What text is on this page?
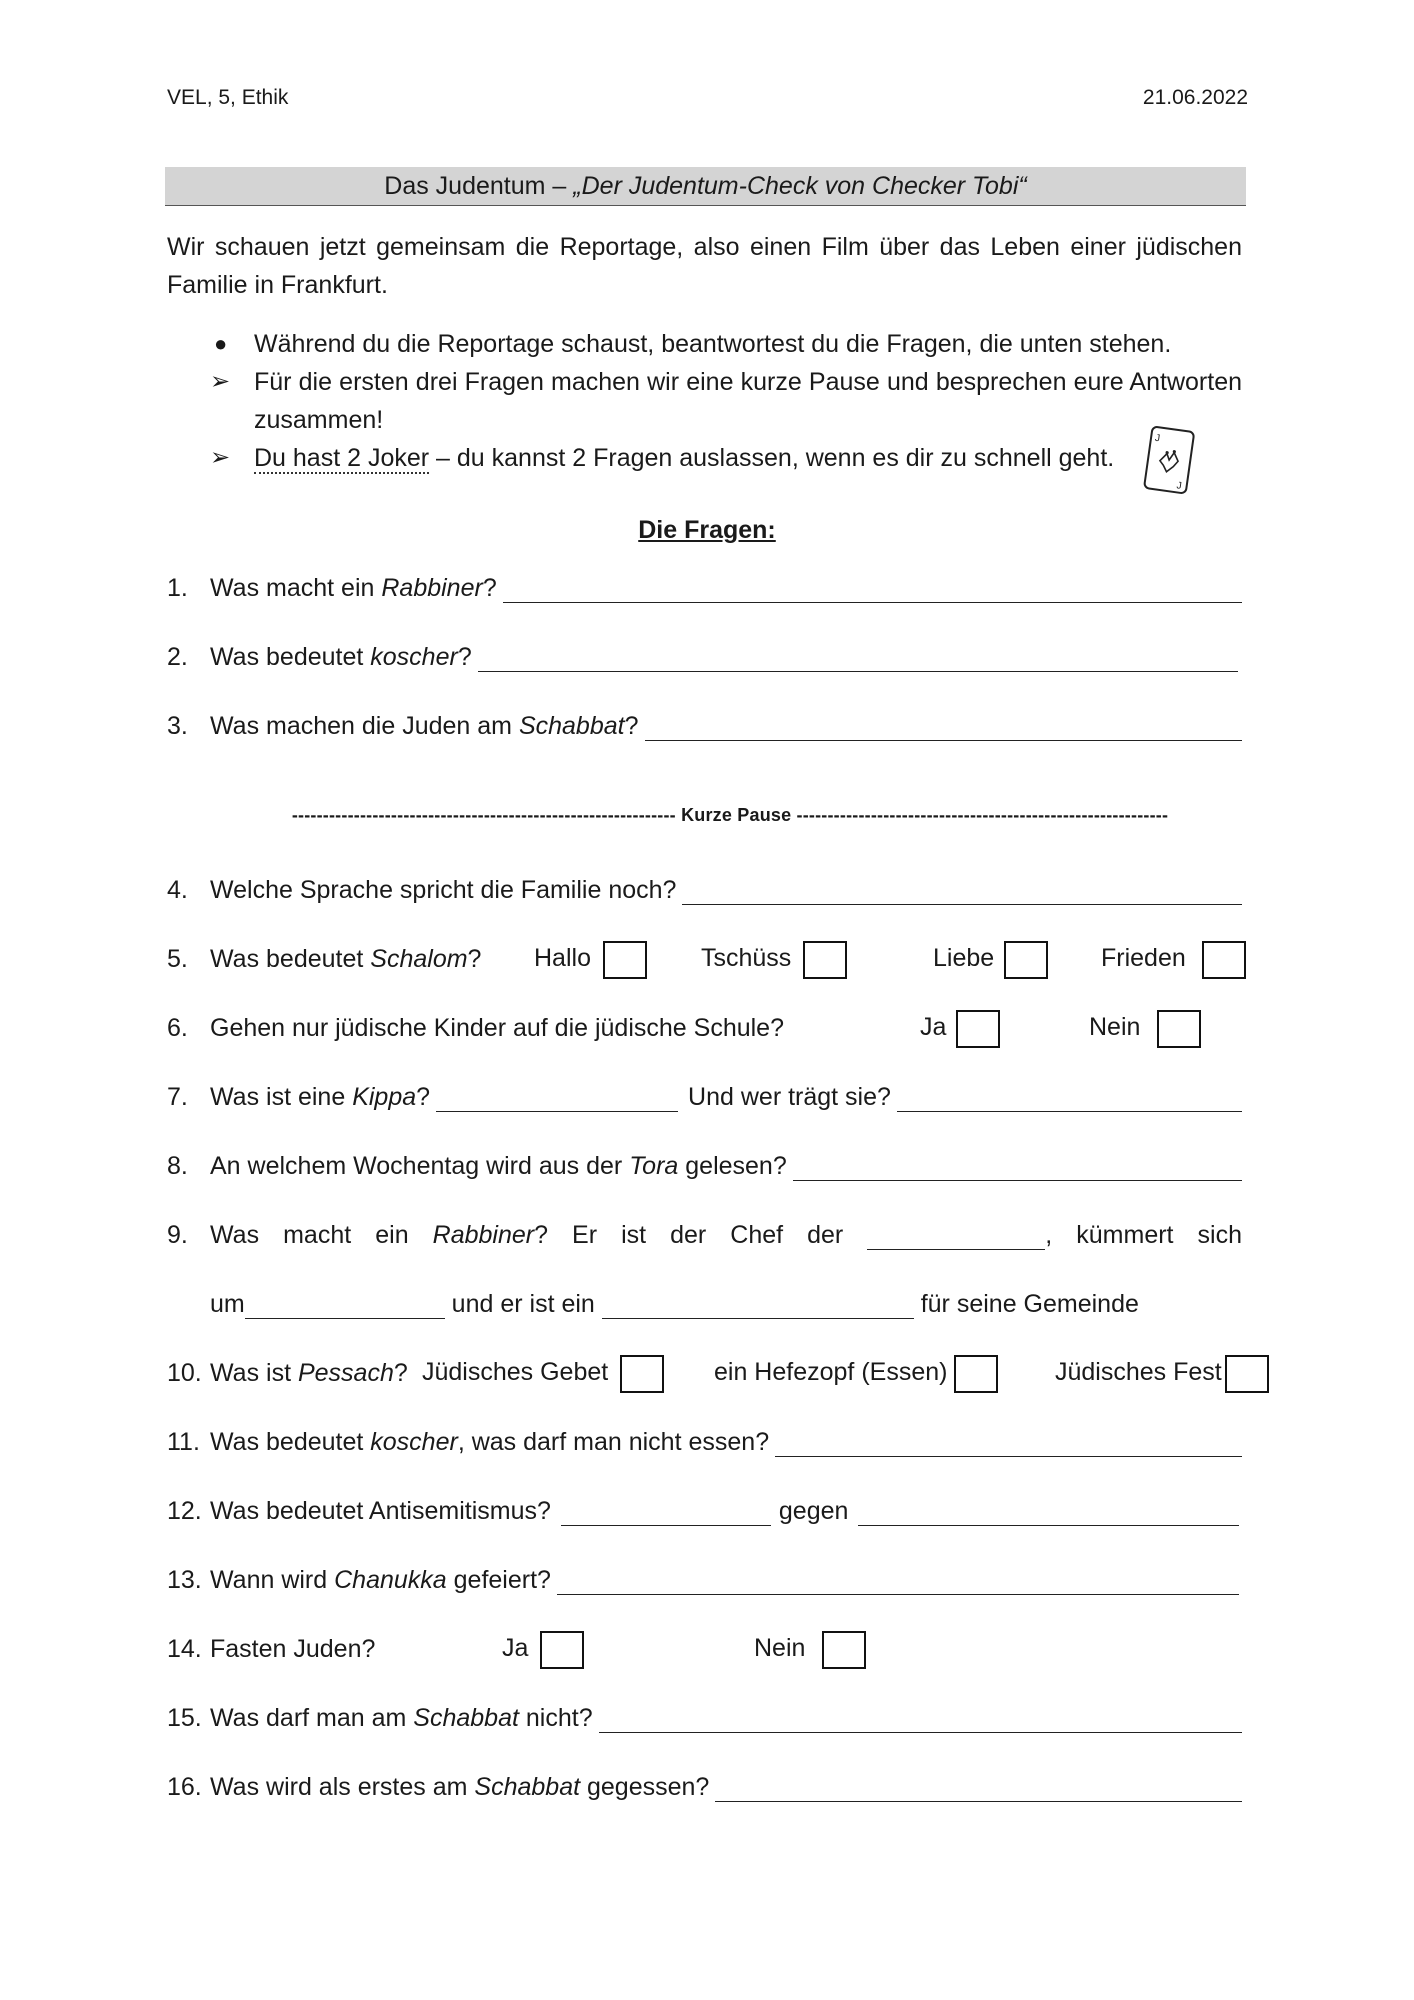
VEL, 5, Ethik	21.06.2022
Das Judentum – „Der Judentum-Check von Checker Tobi“
Wir schauen jetzt gemeinsam die Reportage, also einen Film über das Leben einer jüdischen Familie in Frankfurt.
● Während du die Reportage schaust, beantwortest du die Fragen, die unten stehen.
➢ Für die ersten drei Fragen machen wir eine kurze Pause und besprechen eure Antworten zusammen!
➢ Du hast 2 Joker – du kannst 2 Fragen auslassen, wenn es dir zu schnell geht.
J
J
Die Fragen:
1. Was macht ein Rabbiner?
2. Was bedeutet koscher?
3. Was machen die Juden am Schabbat?
-------------------------------------------------------------- Kurze Pause ------------------------------------------------------------
4. Welche Sprache spricht die Familie noch?
5. Was bedeutet Schalom? Hallo	Tschüss	Liebe	Frieden
6. Gehen nur jüdische Kinder auf die jüdische Schule?	Ja	Nein
7. Was ist eine Kippa?	Und wer trägt sie?
8. An welchem Wochentag wird aus der Tora gelesen?
9. Was macht ein Rabbiner? Er ist der Chef der	, kümmert sich
um	und er ist ein	für seine Gemeinde
10. Was ist Pessach? Jüdisches Gebet	ein Hefezopf (Essen)	Jüdisches Fest
11. Was bedeutet koscher, was darf man nicht essen?
12. Was bedeutet Antisemitismus?	gegen
13. Wann wird Chanukka gefeiert?
14. Fasten Juden?	Ja	Nein
15. Was darf man am Schabbat nicht?
16. Was wird als erstes am Schabbat gegessen?
